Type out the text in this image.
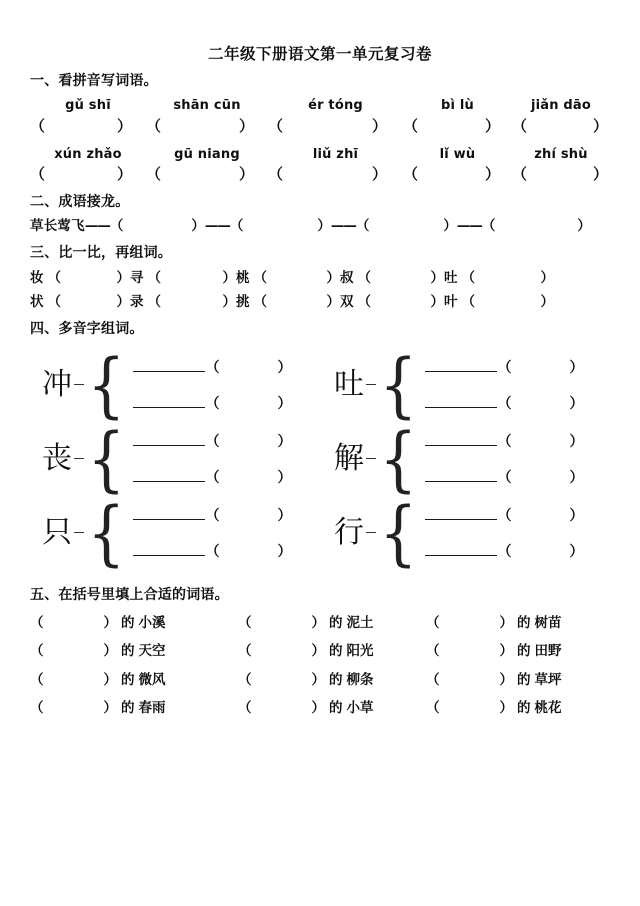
二年级下册语文第一单元复习卷
一、看拼音写词语。
gǔ shī	shān cūn	ér tóng	bì lù	jiǎn dāo
（	） （	） （	） （	） （	）
xún zhǎo	gū niang	liǔ zhī	lǐ wù	zhí shù
（	） （	） （	） （	） （	）
二、成语接龙。
草长莺飞 —— （	） —— （	） —— （	） —— （	）
三、比一比，再组词。
妆 （	） 寻 （	） 桃 （	） 叔 （	） 吐 （	）
状 （	） 录 （	） 挑 （	） 双 （	） 叶 （	）
四、多音字组词。
冲 {	（	）
（	）
吐 {	（	）
（	）
丧 {	（	）
（	）
解 {	（	）
（	）
只 {	（	）
（	）
行 {	（	）
（	）
五、在括号里填上合适的词语。
（	） 的 小溪	（	） 的 泥土	（	） 的 树苗
（	） 的 天空	（	） 的 阳光	（	） 的 田野
（	） 的 微风	（	） 的 柳条	（	） 的 草坪
（	） 的 春雨	（	） 的 小草	（	） 的 桃花
